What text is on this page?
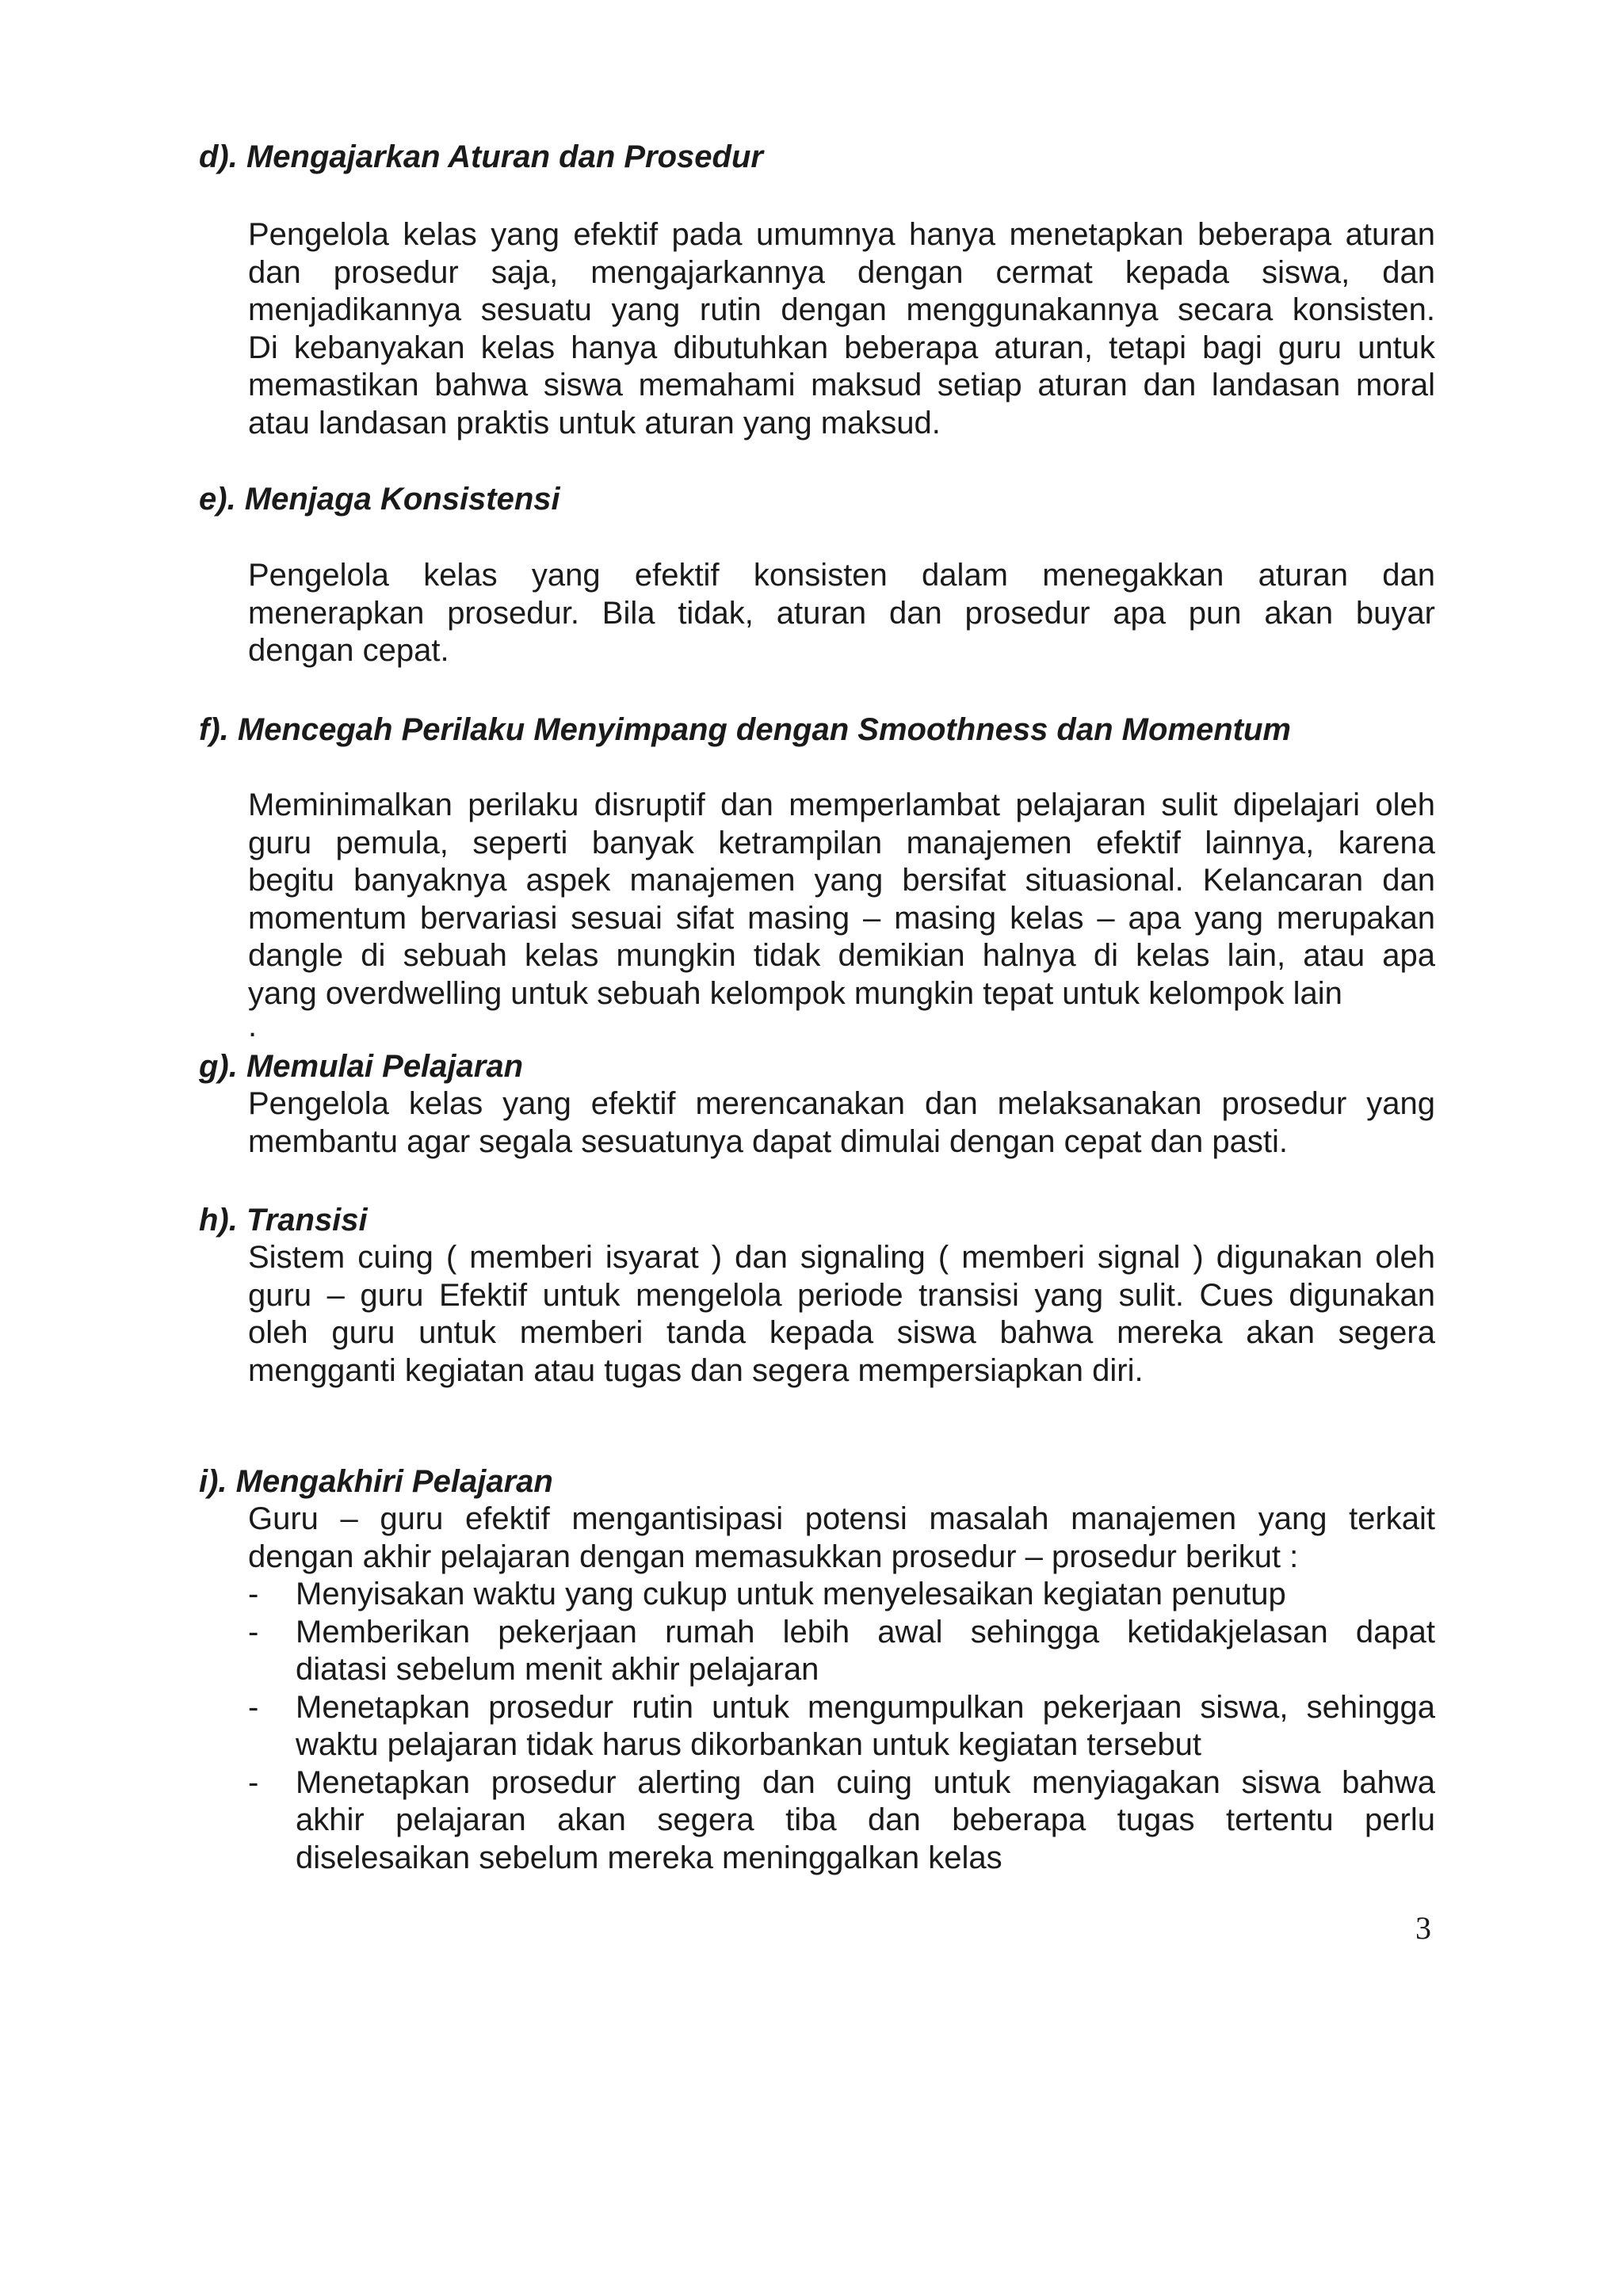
d). Mengajarkan Aturan dan Prosedur
Pengelola kelas yang efektif pada umumnya hanya menetapkan beberapa aturan
dan prosedur saja, mengajarkannya dengan cermat kepada siswa, dan
menjadikannya sesuatu yang rutin dengan menggunakannya secara konsisten.
Di kebanyakan kelas hanya dibutuhkan beberapa aturan, tetapi bagi guru untuk
memastikan bahwa siswa memahami maksud setiap aturan dan landasan moral
atau landasan praktis untuk aturan yang maksud.
e). Menjaga Konsistensi
Pengelola kelas yang efektif konsisten dalam menegakkan aturan dan
menerapkan prosedur. Bila tidak, aturan dan prosedur apa pun akan buyar
dengan cepat.
f). Mencegah Perilaku Menyimpang dengan Smoothness dan Momentum
Meminimalkan perilaku disruptif dan memperlambat pelajaran sulit dipelajari oleh
guru pemula, seperti banyak ketrampilan manajemen efektif lainnya, karena
begitu banyaknya aspek manajemen yang bersifat situasional. Kelancaran dan
momentum bervariasi sesuai sifat masing – masing kelas – apa yang merupakan
dangle di sebuah kelas mungkin tidak demikian halnya di kelas lain, atau apa
yang overdwelling untuk sebuah kelompok mungkin tepat untuk kelompok lain
.
g). Memulai Pelajaran
Pengelola kelas yang efektif merencanakan dan melaksanakan prosedur yang
membantu agar segala sesuatunya dapat dimulai dengan cepat dan pasti.
h). Transisi
Sistem cuing ( memberi isyarat ) dan signaling ( memberi signal ) digunakan oleh
guru – guru Efektif untuk mengelola periode transisi yang sulit. Cues digunakan
oleh guru untuk memberi tanda kepada siswa bahwa mereka akan segera
mengganti kegiatan atau tugas dan segera mempersiapkan diri.
i). Mengakhiri Pelajaran
Guru – guru efektif mengantisipasi potensi masalah manajemen yang terkait
dengan akhir pelajaran dengan memasukkan prosedur – prosedur berikut :
- Menyisakan waktu yang cukup untuk menyelesaikan kegiatan penutup
- Memberikan pekerjaan rumah lebih awal sehingga ketidakjelasan dapat
diatasi sebelum menit akhir pelajaran
- Menetapkan prosedur rutin untuk mengumpulkan pekerjaan siswa, sehingga
waktu pelajaran tidak harus dikorbankan untuk kegiatan tersebut
- Menetapkan prosedur alerting dan cuing untuk menyiagakan siswa bahwa
akhir pelajaran akan segera tiba dan beberapa tugas tertentu perlu
diselesaikan sebelum mereka meninggalkan kelas
3
